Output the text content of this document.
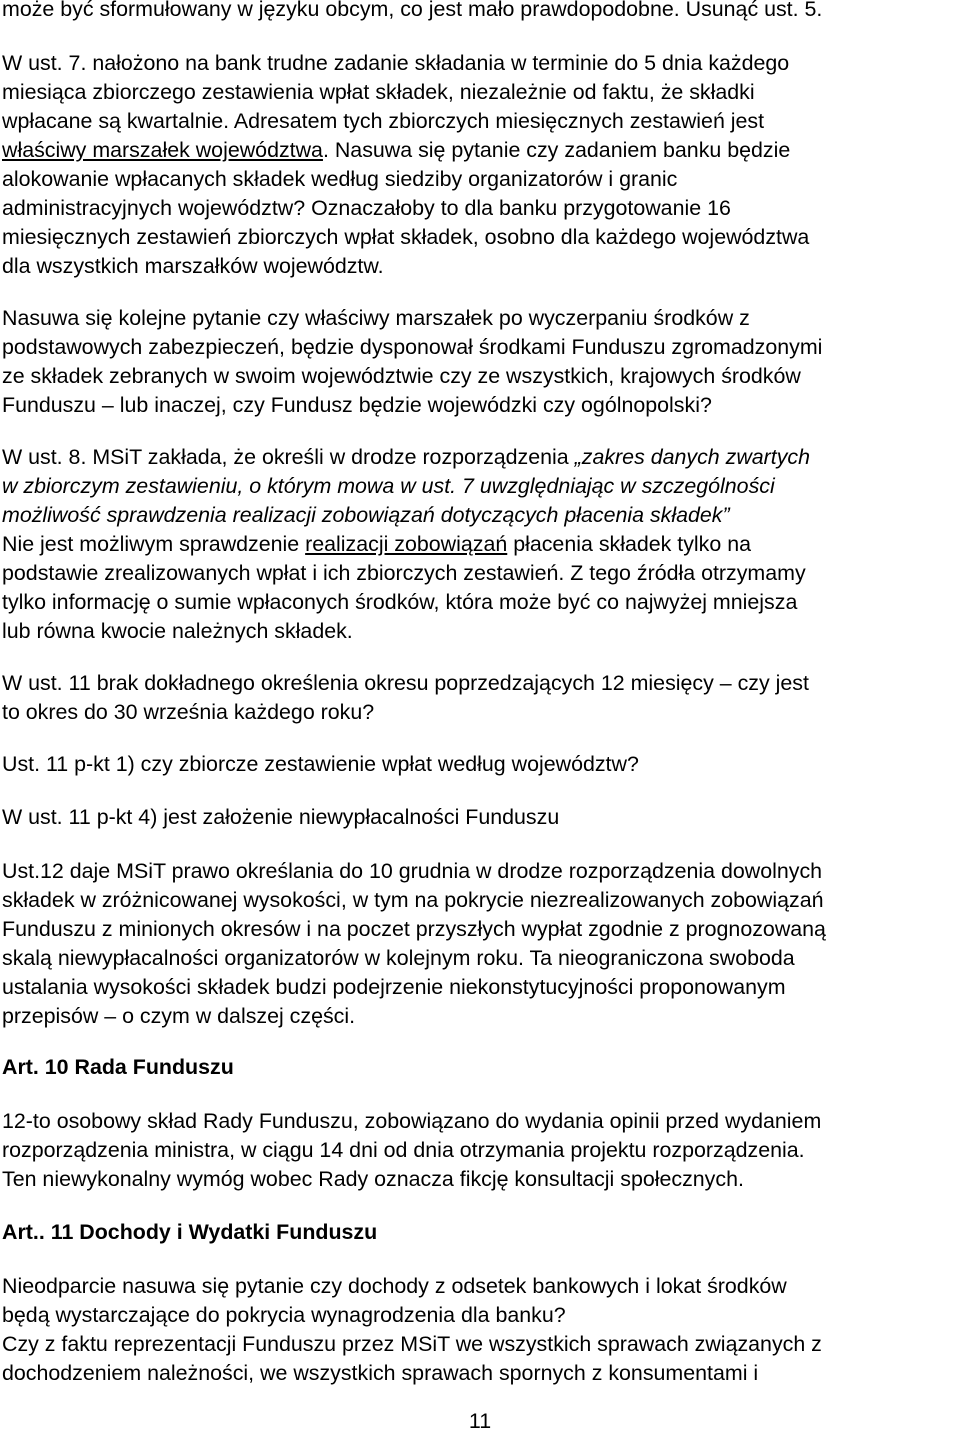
może być sformułowany w języku obcym, co jest mało prawdopodobne. Usunąć ust. 5.

W ust. 7. nałożono na bank trudne zadanie składania w terminie do 5 dnia każdego
miesiąca zbiorczego zestawienia wpłat składek, niezależnie od faktu, że składki
wpłacane są kwartalnie. Adresatem tych zbiorczych miesięcznych zestawień jest
właściwy marszałek województwa. Nasuwa się pytanie czy zadaniem banku będzie
alokowanie wpłacanych składek według siedziby organizatorów i granic
administracyjnych województw? Oznaczałoby to dla banku przygotowanie 16
miesięcznych zestawień zbiorczych wpłat składek, osobno dla każdego województwa
dla wszystkich marszałków województw.

Nasuwa się kolejne pytanie czy właściwy marszałek po wyczerpaniu środków z
podstawowych zabezpieczeń, będzie dysponował środkami Funduszu zgromadzonymi
ze składek zebranych w swoim województwie czy ze wszystkich, krajowych środków
Funduszu – lub inaczej, czy Fundusz będzie wojewódzki czy ogólnopolski?

W ust. 8. MSiT zakłada, że określi w drodze rozporządzenia „zakres danych zwartych
w zbiorczym zestawieniu, o którym mowa w ust. 7 uwzględniając w szczególności
możliwość sprawdzenia realizacji zobowiązań dotyczących płacenia składek”
Nie jest możliwym sprawdzenie realizacji zobowiązań płacenia składek tylko na
podstawie zrealizowanych wpłat i ich zbiorczych zestawień. Z tego źródła otrzymamy
tylko informację o sumie wpłaconych środków, która może być co najwyżej mniejsza
lub równa kwocie należnych składek.

W ust. 11 brak dokładnego określenia okresu poprzedzających 12 miesięcy – czy jest
to okres do 30 września każdego roku?

Ust. 11 p-kt 1) czy zbiorcze zestawienie wpłat według województw?

W ust. 11 p-kt 4) jest założenie niewypłacalności Funduszu

Ust.12 daje MSiT prawo określania do 10 grudnia w drodze rozporządzenia dowolnych
składek w zróżnicowanej wysokości, w tym na pokrycie niezrealizowanych zobowiązań
Funduszu z minionych okresów i na poczet przyszłych wypłat zgodnie z prognozowaną
skalą niewypłacalności organizatorów w kolejnym roku. Ta nieograniczona swoboda
ustalania wysokości składek budzi podejrzenie niekonstytucyjności proponowanym
przepisów – o czym w dalszej części.

Art. 10 Rada Funduszu

12-to osobowy skład Rady Funduszu, zobowiązano do wydania opinii przed wydaniem
rozporządzenia ministra, w ciągu 14 dni od dnia otrzymania projektu rozporządzenia.
Ten niewykonalny wymóg wobec Rady oznacza fikcję konsultacji społecznych.

Art.. 11 Dochody i Wydatki Funduszu

Nieodparcie nasuwa się pytanie czy dochody z odsetek bankowych i lokat środków
będą wystarczające do pokrycia wynagrodzenia dla banku?
Czy z faktu reprezentacji Funduszu przez MSiT we wszystkich sprawach związanych z
dochodzeniem należności, we wszystkich sprawach spornych z konsumentami i

11
